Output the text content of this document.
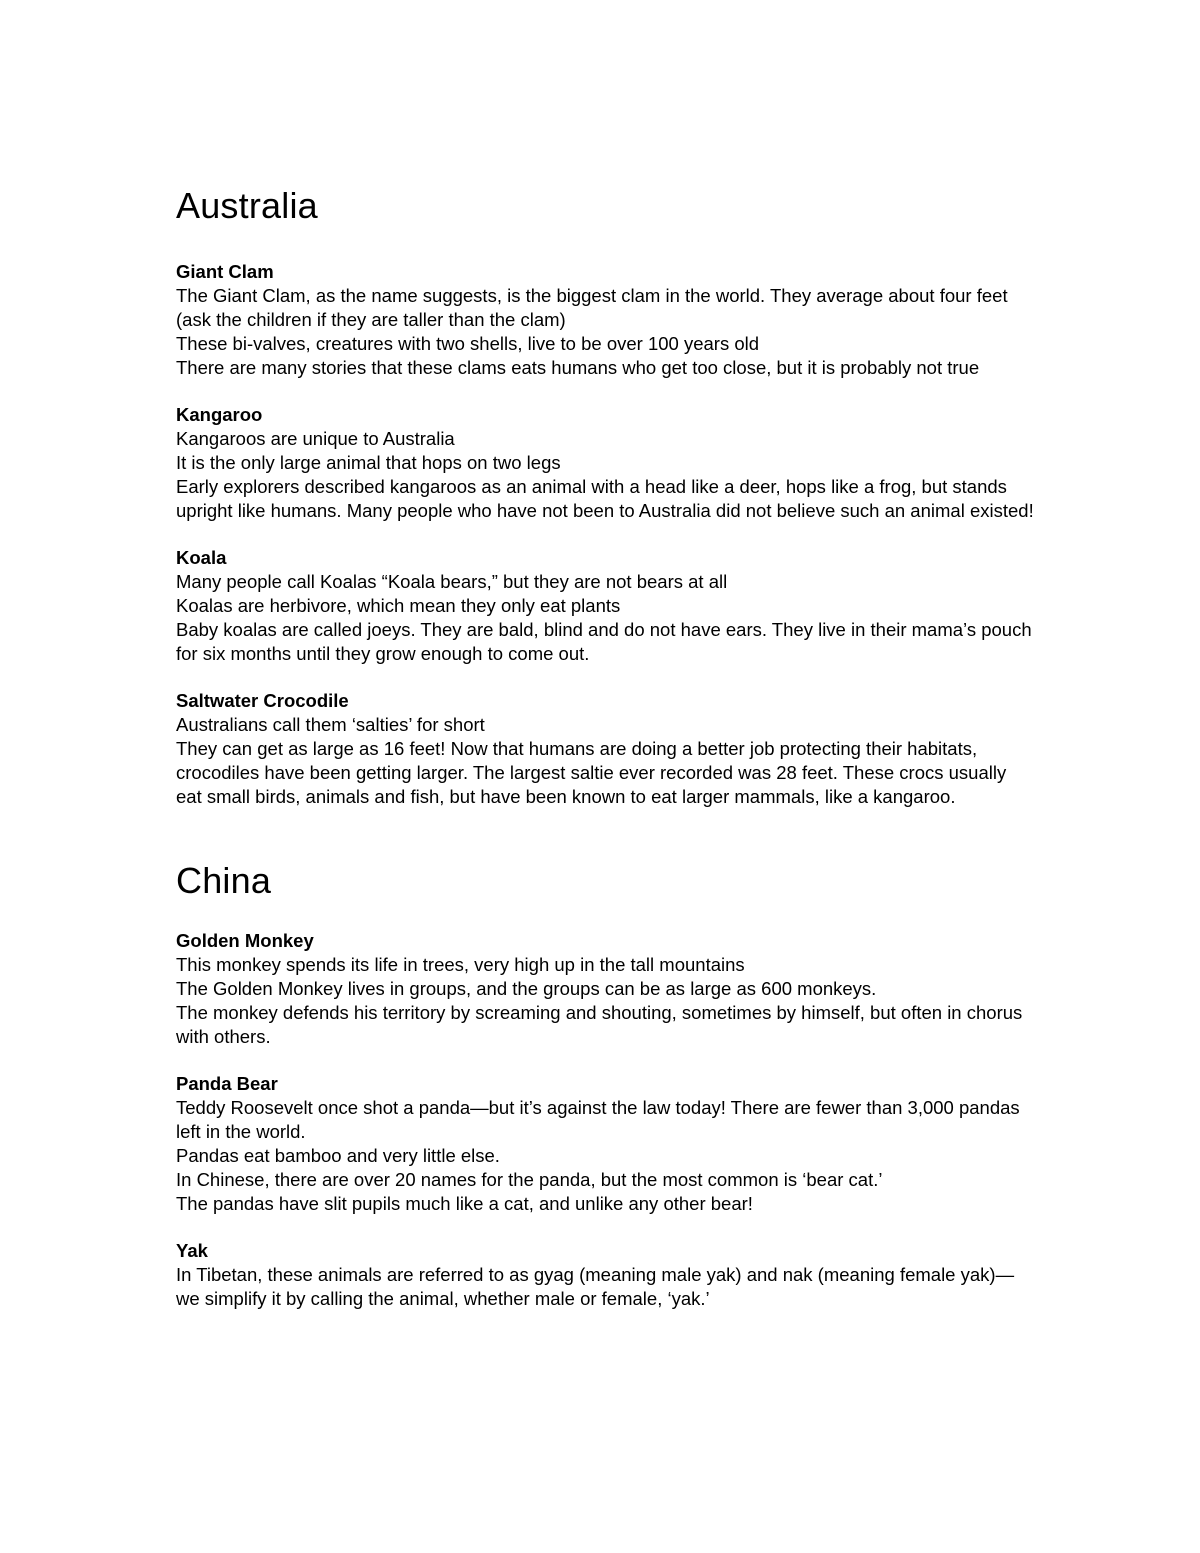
Australia

Giant Clam

The Giant Clam, as the name suggests, is the biggest clam in the world. They average about four feet (ask the children if they are taller than the clam)

These bi-valves, creatures with two shells, live to be over 100 years old

There are many stories that these clams eats humans who get too close, but it is probably not true

Kangaroo

Kangaroos are unique to Australia

It is the only large animal that hops on two legs

Early explorers described kangaroos as an animal with a head like a deer, hops like a frog, but stands upright like humans. Many people who have not been to Australia did not believe such an animal existed!

Koala

Many people call Koalas “Koala bears,” but they are not bears at all

Koalas are herbivore, which mean they only eat plants

Baby koalas are called joeys. They are bald, blind and do not have ears. They live in their mama’s pouch for six months until they grow enough to come out.

Saltwater Crocodile

Australians call them ‘salties’ for short

They can get as large as 16 feet! Now that humans are doing a better job protecting their habitats, crocodiles have been getting larger. The largest saltie ever recorded was 28 feet. These crocs usually eat small birds, animals and fish, but have been known to eat larger mammals, like a kangaroo.

China

Golden Monkey

This monkey spends its life in trees, very high up in the tall mountains

The Golden Monkey lives in groups, and the groups can be as large as 600 monkeys.

The monkey defends his territory by screaming and shouting, sometimes by himself, but often in chorus with others.

Panda Bear

Teddy Roosevelt once shot a panda—but it’s against the law today! There are fewer than 3,000 pandas left in the world.

Pandas eat bamboo and very little else.

In Chinese, there are over 20 names for the panda, but the most common is ‘bear cat.’

The pandas have slit pupils much like a cat, and unlike any other bear!

Yak

In Tibetan, these animals are referred to as gyag (meaning male yak) and nak (meaning female yak)—we simplify it by calling the animal, whether male or female, ‘yak.’
